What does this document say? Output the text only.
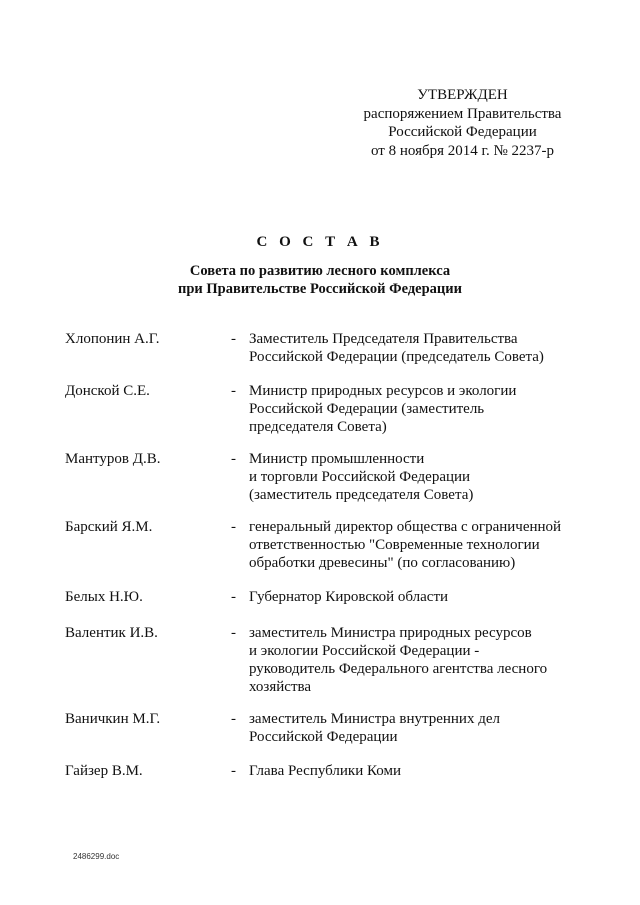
УТВЕРЖДЕН
распоряжением Правительства
Российской Федерации
от 8 ноября 2014 г. № 2237-р
С О С Т А В
Совета по развитию лесного комплекса
при Правительстве Российской Федерации
Хлопонин А.Г.	- Заместитель Председателя Правительства
Российской Федерации (председатель Совета)
Донской С.Е.	- Министр природных ресурсов и экологии
Российской Федерации (заместитель
председателя Совета)
Мантуров Д.В.	- Министр промышленности
и торговли Российской Федерации
(заместитель председателя Совета)
Барский Я.М.	- генеральный директор общества с ограниченной
ответственностью "Современные технологии
обработки древесины" (по согласованию)
Белых Н.Ю.	- Губернатор Кировской области
Валентик И.В.	- заместитель Министра природных ресурсов
и экологии Российской Федерации -
руководитель Федерального агентства лесного
хозяйства
Ваничкин М.Г.	- заместитель Министра внутренних дел
Российской Федерации
Гайзер В.М.	- Глава Республики Коми
2486299.doc
